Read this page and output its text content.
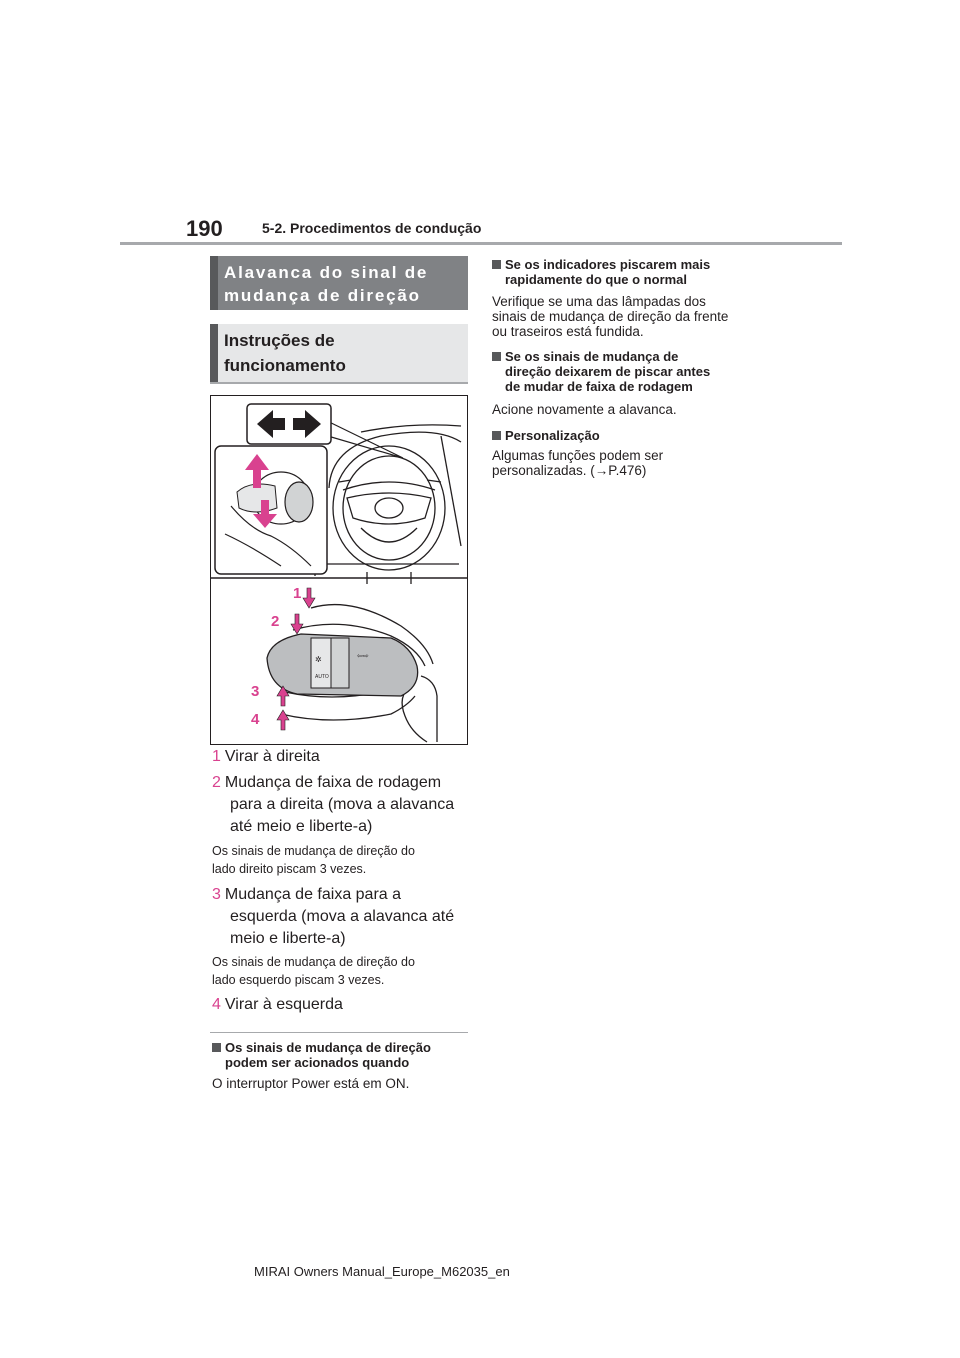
190	5-2. Procedimentos de condução
Alavanca do sinal de
mudança de direção
Instruções de
funcionamento
✲
AUTO
⇦⇨
1
2
3
4
1 Virar à direita
2 Mudança de faixa de rodagem
para a direita (mova a alavanca
até meio e liberte-a)
Os sinais de mudança de direção do
lado direito piscam 3 vezes.
3 Mudança de faixa para a
esquerda (mova a alavanca até
meio e liberte-a)
Os sinais de mudança de direção do
lado esquerdo piscam 3 vezes.
4 Virar à esquerda
Os sinais de mudança de direção
podem ser acionados quando
O interruptor Power está em ON.
Se os indicadores piscarem mais
rapidamente do que o normal
Verifique se uma das lâmpadas dos
sinais de mudança de direção da frente
ou traseiros está fundida.
Se os sinais de mudança de
direção deixarem de piscar antes
de mudar de faixa de rodagem
Acione novamente a alavanca.
Personalização
Algumas funções podem ser
personalizadas. (→P.476)
MIRAI Owners Manual_Europe_M62035_en
